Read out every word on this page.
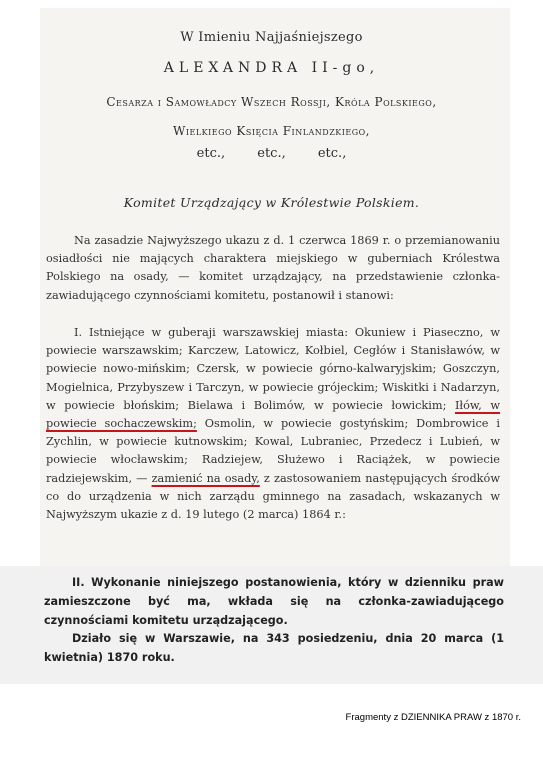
W Imieniu Najjaśniejszego
ALEXANDRA II-go,
Cesarza i Samowładcy Wszech Rossji, Króla Polskiego,
Wielkiego Księcia Finlandzkiego,
etc., etc., etc.,
Komitet Urządzający w Królestwie Polskiem.

Na zasadzie Najwyższego ukazu z d. 1 czerwca 1869 r. o przemianowaniu osiadłości nie mających charaktera miejskiego w guberniach Królestwa Polskiego na osady, — komitet urządzający, na przedstawienie członka-zawiadującego czynnościami komitetu, postanowił i stanowi:

I. Istniejące w guberaji warszawskiej miasta: Okuniew i Piaseczno, w powiecie warszawskim; Karczew, Latowicz, Kołbiel, Cegłów i Stanisławów, w powiecie nowo-mińskim; Czersk, w powiecie górno-kalwaryjskim; Goszczyn, Mogielnica, Przybyszew i Tarczyn, w powiecie grójeckim; Wiskitki i Nadarzyn, w powiecie błońskim; Bielawa i Bolimów, w powiecie łowickim; Iłów, w powiecie sochaczewskim; Osmolin, w powiecie gostyńskim; Dombrowice i Zychlin, w powiecie kutnowskim; Kowal, Lubraniec, Przedecz i Lubień, w powiecie włocławskim; Radziejew, Służewo i Raciążek, w powiecie radziejewskim, — zamienić na osady, z zastosowaniem następujących środków co do urządzenia w nich zarządu gminnego na zasadach, wskazanych w Najwyższym ukazie z d. 19 lutego (2 marca) 1864 r.:

II. Wykonanie niniejszego postanowienia, który w dzienniku praw zamieszczone być ma, wkłada się na członka-zawiadującego czynnościami komitetu urządzającego.

Działo się w Warszawie, na 343 posiedzeniu, dnia 20 marca (1 kwietnia) 1870 roku.

Fragmenty z DZIENNIKA PRAW z 1870 r.
